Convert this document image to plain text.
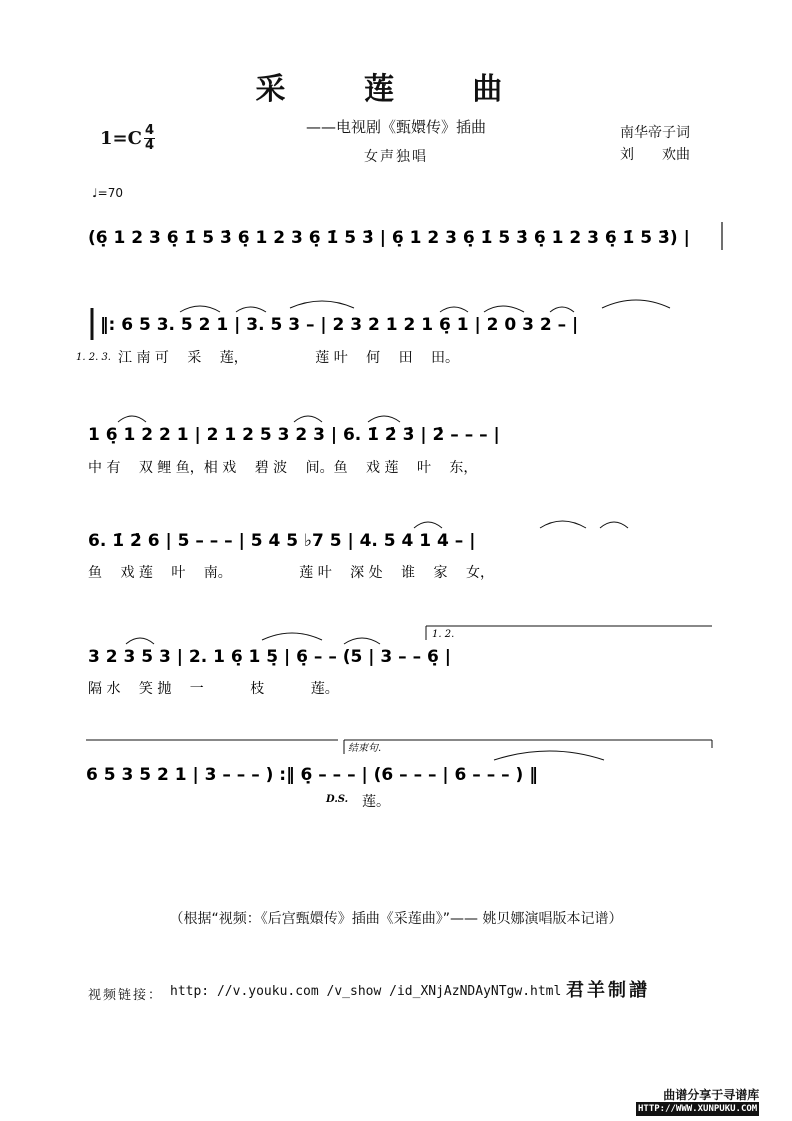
采 莲 曲
——电视剧《甄嬛传》插曲
女声独唱
南华帝子词
刘　　欢曲
1=C 4
4
♩=70
(6̣ 1 2 3 6̣ 1̇ 5 3̇ 6̣ 1 2 3 6̣ 1̇ 5 3̇ | 6̣ 1 2 3 6̣ 1̇ 5 3̇ 6̣ 1 2 3 6̣ 1̇ 5 3̇) |
‖: 6 5 3. 5 2 1 | 3. 5 3 – | 2 3 2 1 2 1 6̣ 1 | 2 0 3 2 – |
1. 2. 3. 江 南 可　 采　 莲，　　　　　 莲 叶　 何　 田　 田。
1 6̣ 1 2 2 1 | 2 1 2 5 3 2 3 | 6. 1̇ 2̇ 3̇ | 2̇ – – – |
中 有　 双 鲤 鱼，相 戏　 碧 波　 间。鱼　 戏 莲　 叶　 东，
6. 1̇ 2̇ 6 | 5 – – – | 5 4 5 ♭7 5 | 4. 5 4 1 4 – |
鱼　 戏 莲　 叶　 南。　　　　　 莲 叶　 深 处　 谁　 家　 女，
1. 2.
3 2 3 5 3 | 2. 1 6̣ 1 5̣ | 6̣ – – (5 | 3 – – 6̣ |
隔 水　 笑 抛　 一　　　 枝　　　 莲。
结束句.
6 5 3 5 2 1 | 3 – – – ) :‖ 6̣ – – – | (6 – – – | 6 – – – ) ‖
D.S. 莲。
（根据“视频：《后宫甄嬛传》插曲《采莲曲》”—— 姚贝娜演唱版本记谱）
视频链接： http: //v.youku.com /v_show /id_XNjAzNDAyNTgw.html 君羊制譜
曲谱分享于寻谱库
HTTP://WWW.XUNPUKU.COM
